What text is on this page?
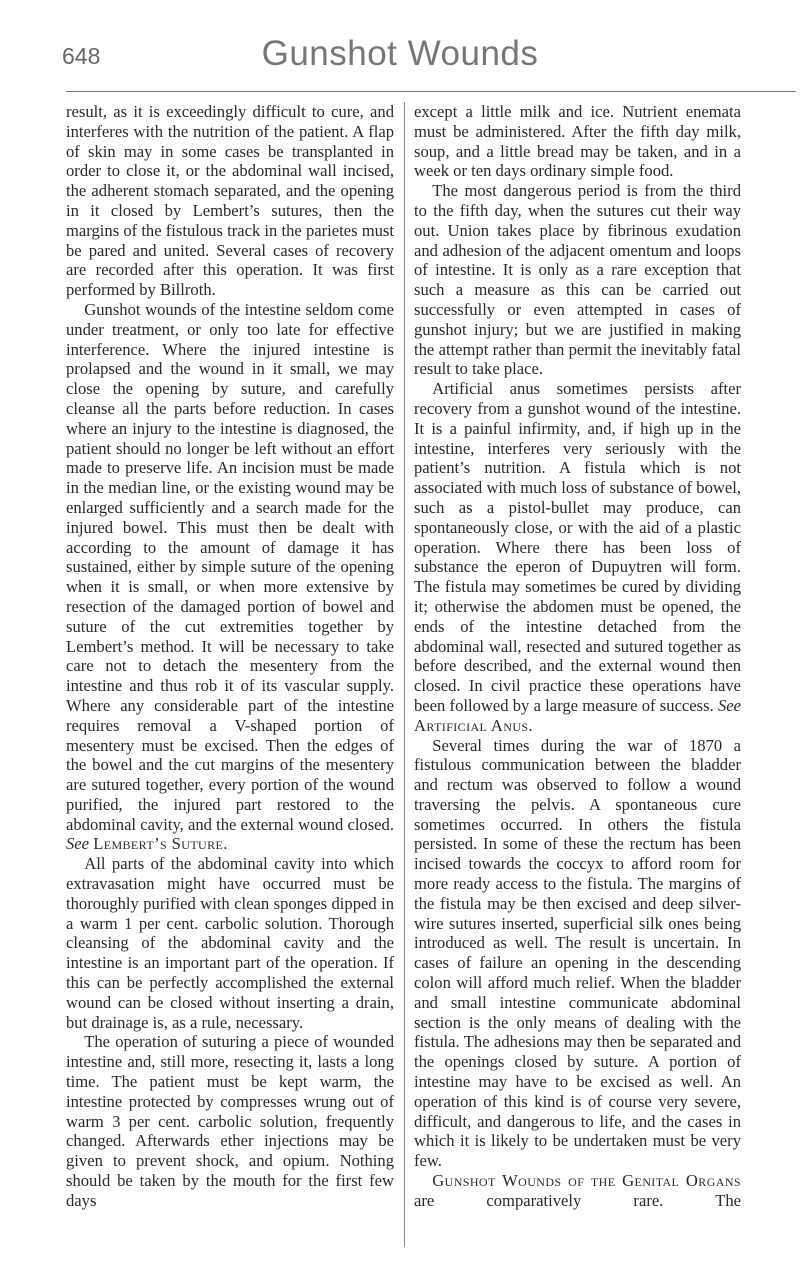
648	Gunshot Wounds

result, as it is exceedingly difficult to cure, and interferes with the nutrition of the patient. A flap of skin may in some cases be transplanted in order to close it, or the abdominal wall incised, the adherent stomach separated, and the opening in it closed by Lembert’s sutures, then the margins of the fistulous track in the parietes must be pared and united. Several cases of recovery are recorded after this operation. It was first performed by Billroth.

Gunshot wounds of the intestine seldom come under treatment, or only too late for effective interference. Where the injured intestine is prolapsed and the wound in it small, we may close the opening by suture, and carefully cleanse all the parts before reduction. In cases where an injury to the intestine is diagnosed, the patient should no longer be left without an effort made to preserve life. An incision must be made in the median line, or the existing wound may be enlarged sufficiently and a search made for the injured bowel. This must then be dealt with according to the amount of damage it has sustained, either by simple suture of the opening when it is small, or when more extensive by resection of the damaged portion of bowel and suture of the cut extremities together by Lembert’s method. It will be necessary to take care not to detach the mesentery from the intestine and thus rob it of its vascular supply. Where any considerable part of the intestine requires removal a V-shaped portion of mesentery must be excised. Then the edges of the bowel and the cut margins of the mesentery are sutured together, every portion of the wound purified, the injured part restored to the abdominal cavity, and the external wound closed. See Lembert’s Suture.

All parts of the abdominal cavity into which extravasation might have occurred must be thoroughly purified with clean sponges dipped in a warm 1 per cent. carbolic solution. Thorough cleansing of the abdominal cavity and the intestine is an important part of the operation. If this can be perfectly accomplished the external wound can be closed without inserting a drain, but drainage is, as a rule, necessary.

The operation of suturing a piece of wounded intestine and, still more, resecting it, lasts a long time. The patient must be kept warm, the intestine protected by compresses wrung out of warm 3 per cent. carbolic solution, frequently changed. Afterwards ether injections may be given to prevent shock, and opium. Nothing should be taken by the mouth for the first few days

except a little milk and ice. Nutrient enemata must be administered. After the fifth day milk, soup, and a little bread may be taken, and in a week or ten days ordinary simple food.

The most dangerous period is from the third to the fifth day, when the sutures cut their way out. Union takes place by fibrinous exudation and adhesion of the adjacent omentum and loops of intestine. It is only as a rare exception that such a measure as this can be carried out successfully or even attempted in cases of gunshot injury; but we are justified in making the attempt rather than permit the inevitably fatal result to take place.

Artificial anus sometimes persists after recovery from a gunshot wound of the intestine. It is a painful infirmity, and, if high up in the intestine, interferes very seriously with the patient’s nutrition. A fistula which is not associated with much loss of substance of bowel, such as a pistol-bullet may produce, can spontaneously close, or with the aid of a plastic operation. Where there has been loss of substance the eperon of Dupuytren will form. The fistula may sometimes be cured by dividing it; otherwise the abdomen must be opened, the ends of the intestine detached from the abdominal wall, resected and sutured together as before described, and the external wound then closed. In civil practice these operations have been followed by a large measure of success. See Artificial Anus.

Several times during the war of 1870 a fistulous communication between the bladder and rectum was observed to follow a wound traversing the pelvis. A spontaneous cure sometimes occurred. In others the fistula persisted. In some of these the rectum has been incised towards the coccyx to afford room for more ready access to the fistula. The margins of the fistula may be then excised and deep silver-wire sutures inserted, superficial silk ones being introduced as well. The result is uncertain. In cases of failure an opening in the descending colon will afford much relief. When the bladder and small intestine communicate abdominal section is the only means of dealing with the fistula. The adhesions may then be separated and the openings closed by suture. A portion of intestine may have to be excised as well. An operation of this kind is of course very severe, difficult, and dangerous to life, and the cases in which it is likely to be undertaken must be very few.

Gunshot Wounds of the Genital Organs are comparatively rare. The
